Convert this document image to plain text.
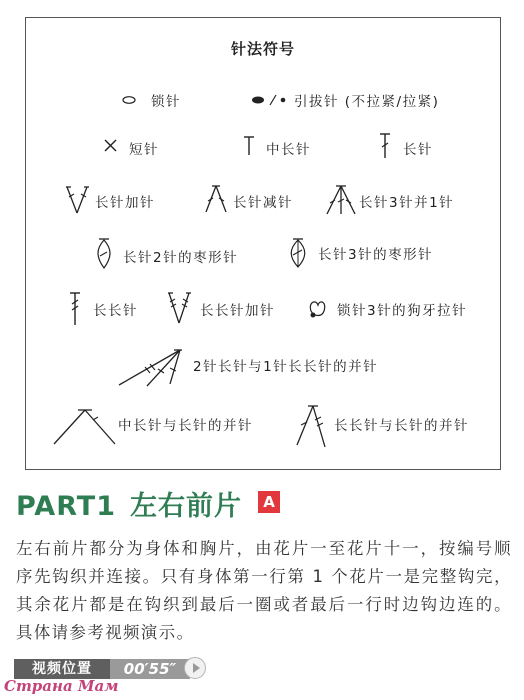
针法符号
锁针	引拔针 (不拉紧/拉紧)
短针	中长针	长针
长针加针	长针减针	长针3针并1针
长针2针的枣形针	长针3针的枣形针
长长针	长长针加针	锁针3针的狗牙拉针
2针长针与1针长长针的并针
中长针与长针的并针	长长针与长针的并针
PART1 左右前片	A
左右前片都分为身体和胸片，由花片一至花片十一，按编号顺序先钩织并连接。只有身体第一行第 1 个花片一是完整钩完，其余花片都是在钩织到最后一圈或者最后一行时边钩边连的。具体请参考视频演示。
视频位置	00′55″
Страна Мам
